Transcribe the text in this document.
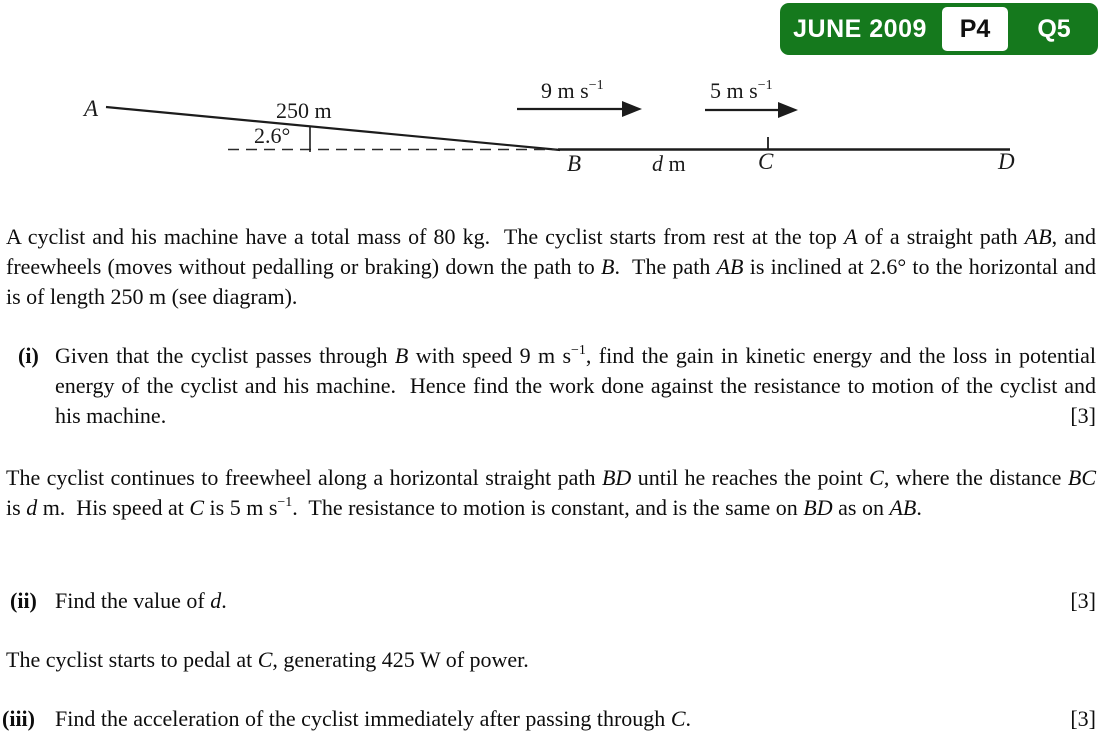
JUNE 2009	P4	Q5
A	250 m
2.6°
B	d m	C	D
9 m $s^{-1}$	5 m $s^{-1}$
A cyclist and his machine have a total mass of 80 kg.  The cyclist starts from rest at the top A of a straight path AB, and freewheels (moves without pedalling or braking) down the path to B.  The path AB is inclined at 2.6° to the horizontal and is of length 250 m (see diagram).
(i) Given that the cyclist passes through B with speed 9 m $s^{-1}$, find the gain in kinetic energy and the loss in potential energy of the cyclist and his machine.  Hence find the work done against the resistance to motion of the cyclist and his machine.	[3]
The cyclist continues to freewheel along a horizontal straight path BD until he reaches the point C, where the distance BC is d m.  His speed at C is 5 m $s^{-1}$.  The resistance to motion is constant, and is the same on BD as on AB.
(ii) Find the value of d.	[3]
The cyclist starts to pedal at C, generating 425 W of power.
(iii) Find the acceleration of the cyclist immediately after passing through C.	[3]
